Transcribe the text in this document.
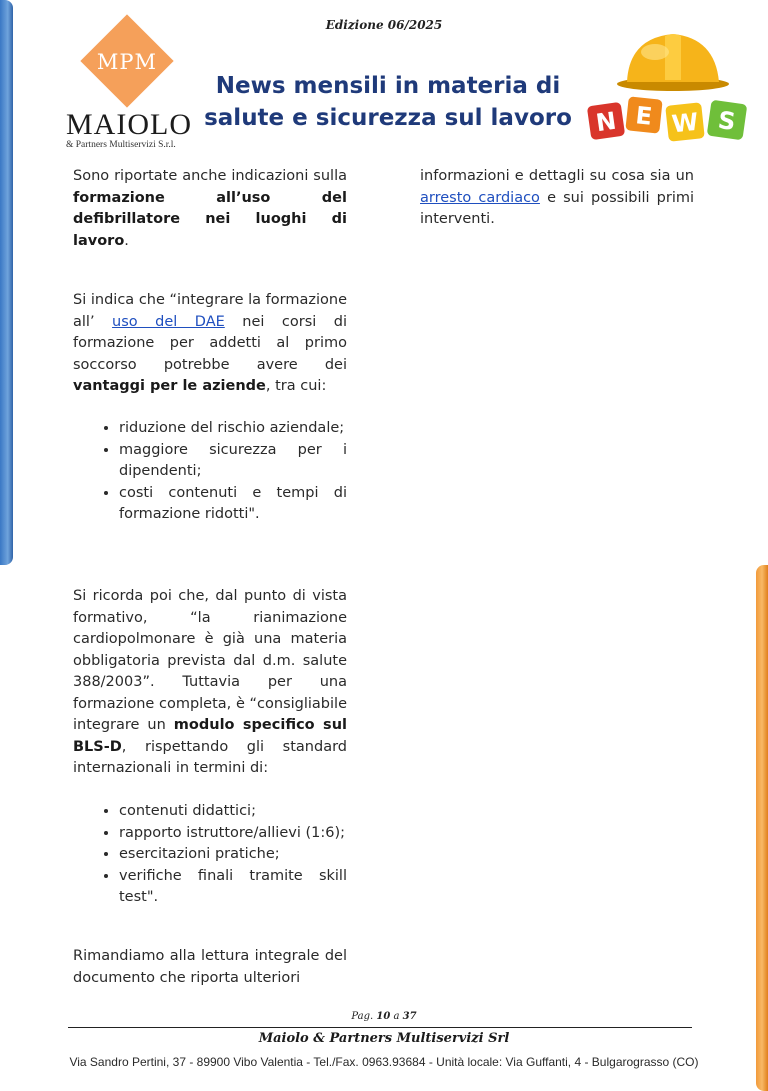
Edizione 06/2025
MPM
MAIOLO
& Partners Multiservizi S.r.l.
News mensili in materia di salute e sicurezza sul lavoro N E W S

Sono riportate anche indicazioni sulla formazione all’uso del defibrillatore nei luoghi di lavoro.

Si indica che “integrare la formazione all’ uso del DAE nei corsi di formazione per addetti al primo soccorso potrebbe avere dei vantaggi per le aziende, tra cui:

• riduzione del rischio aziendale;
• maggiore sicurezza per i dipendenti;
• costi contenuti e tempi di formazione ridotti".

Si ricorda poi che, dal punto di vista formativo, “la rianimazione cardiopolmonare è già una materia obbligatoria prevista dal d.m. salute 388/2003”. Tuttavia per una formazione completa, è “consigliabile integrare un modulo specifico sul BLS-D, rispettando gli standard internazionali in termini di:

• contenuti didattici;
• rapporto istruttore/allievi (1:6);
• esercitazioni pratiche;
• verifiche finali tramite skill test".

Rimandiamo alla lettura integrale del documento che riporta ulteriori

informazioni e dettagli su cosa sia un arresto cardiaco e sui possibili primi interventi.

Pag. 10 a 37
Maiolo & Partners Multiservizi Srl
Via Sandro Pertini, 37 - 89900 Vibo Valentia - Tel./Fax. 0963.93684 - Unità locale: Via Guffanti, 4 - Bulgarograsso (CO)
